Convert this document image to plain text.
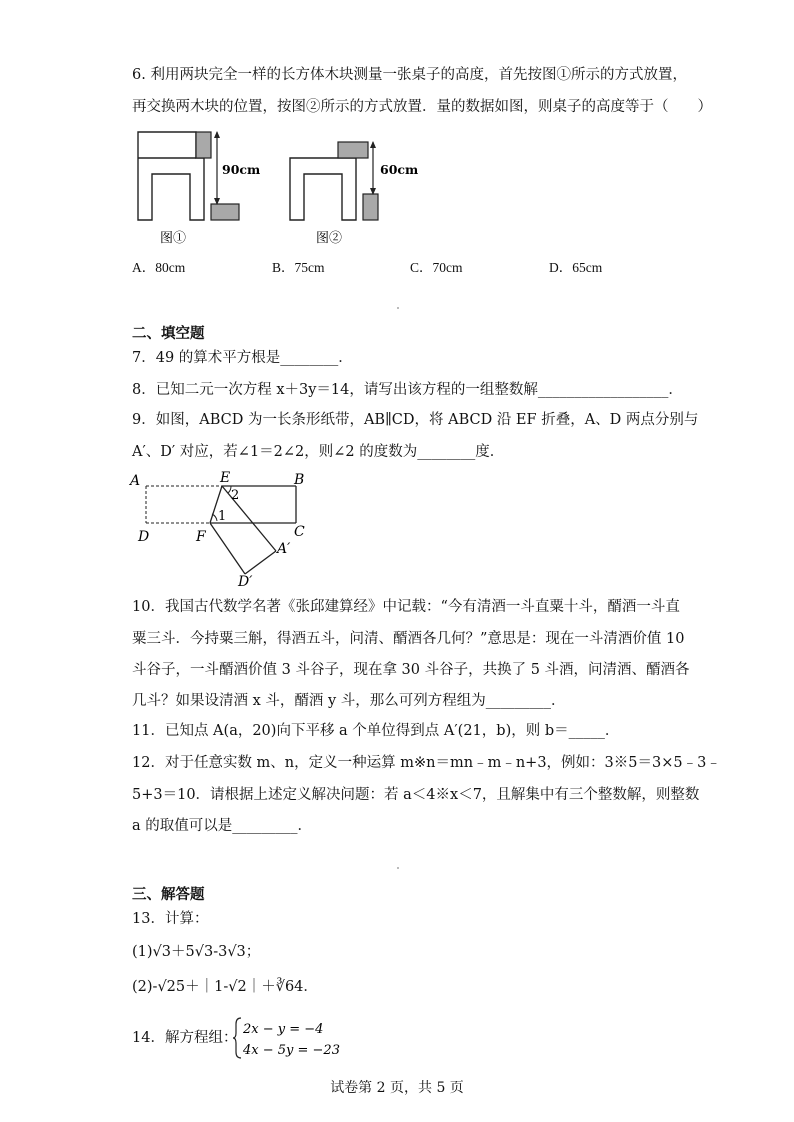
6. 利用两块完全一样的长方体木块测量一张桌子的高度，首先按图①所示的方式放置，
再交换两木块的位置，按图②所示的方式放置．量的数据如图，则桌子的高度等于（　　）
90cm
图①
60cm
图②
A．80cm	B．75cm	C．70cm	D．65cm
二、填空题
7．49 的算术平方根是________．
8．已知二元一次方程 x＋3y＝14，请写出该方程的一组整数解__________________．
9．如图，ABCD 为一长条形纸带，AB∥CD，将 ABCD 沿 EF 折叠，A、D 两点分别与
A′、D′ 对应，若∠1＝2∠2，则∠2 的度数为________度．
A	E	B
D	F	C
A′
D′
2
1
10．我国古代数学名著《张邱建算经》中记载：“今有清酒一斗直粟十斗，醑酒一斗直
粟三斗．今持粟三斛，得酒五斗，问清、醑酒各几何？”意思是：现在一斗清酒价值 10
斗谷子，一斗醑酒价值 3 斗谷子，现在拿 30 斗谷子，共换了 5 斗酒，问清酒、醑酒各
几斗？如果设清酒 x 斗，醑酒 y 斗，那么可列方程组为_________．
11．已知点 A(a，20)向下平移 a 个单位得到点 A′(21，b)，则 b＝_____．
12．对于任意实数 m、n，定义一种运算 m※n＝mn﹣m﹣n+3，例如：3※5＝3×5﹣3﹣
5+3＝10．请根据上述定义解决问题：若 a＜4※x＜7，且解集中有三个整数解，则整数
a 的取值可以是_________．
三、解答题
13．计算：
(1)√3＋5√3-3√3；
(2)-√25＋｜1-√2｜＋∛64．
14．解方程组：
2x − y = −4
4x − 5y = −23
试卷第 2 页，共 5 页
